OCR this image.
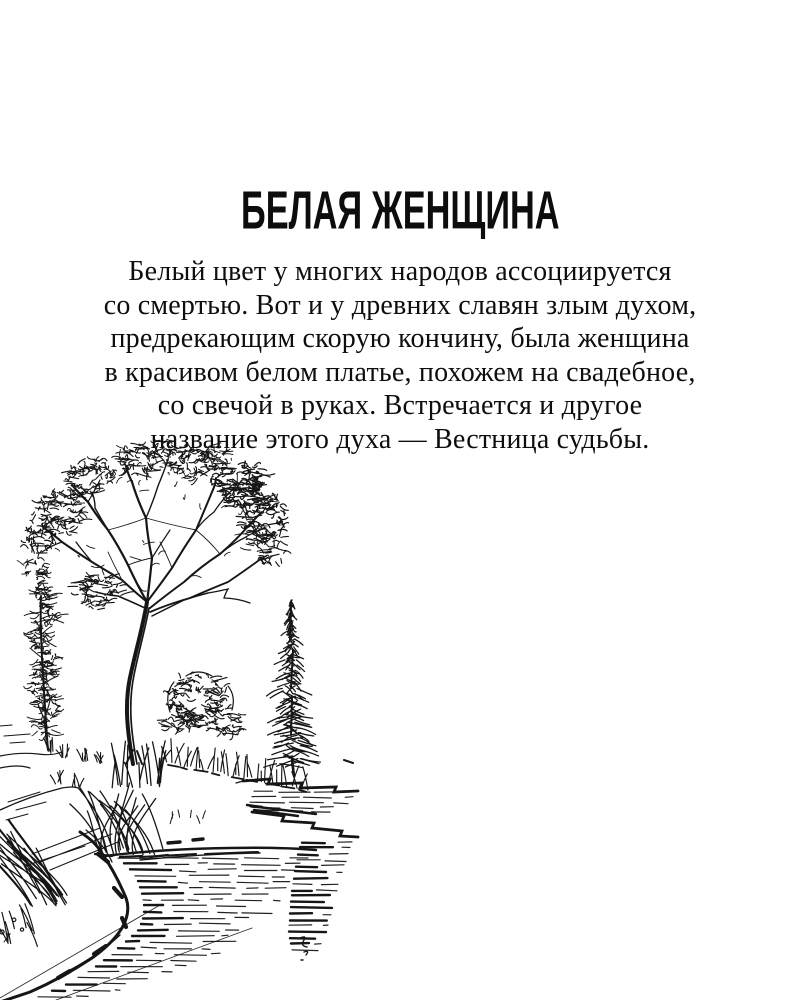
БЕЛАЯ ЖЕНЩИНА

Белый цвет у многих народов ассоциируется
со смертью. Вот и у древних славян злым духом,
предрекающим скорую кончину, была женщина
в красивом белом платье, похожем на свадебное,
со свечой в руках. Встречается и другое
название этого духа — Вестница судьбы.
